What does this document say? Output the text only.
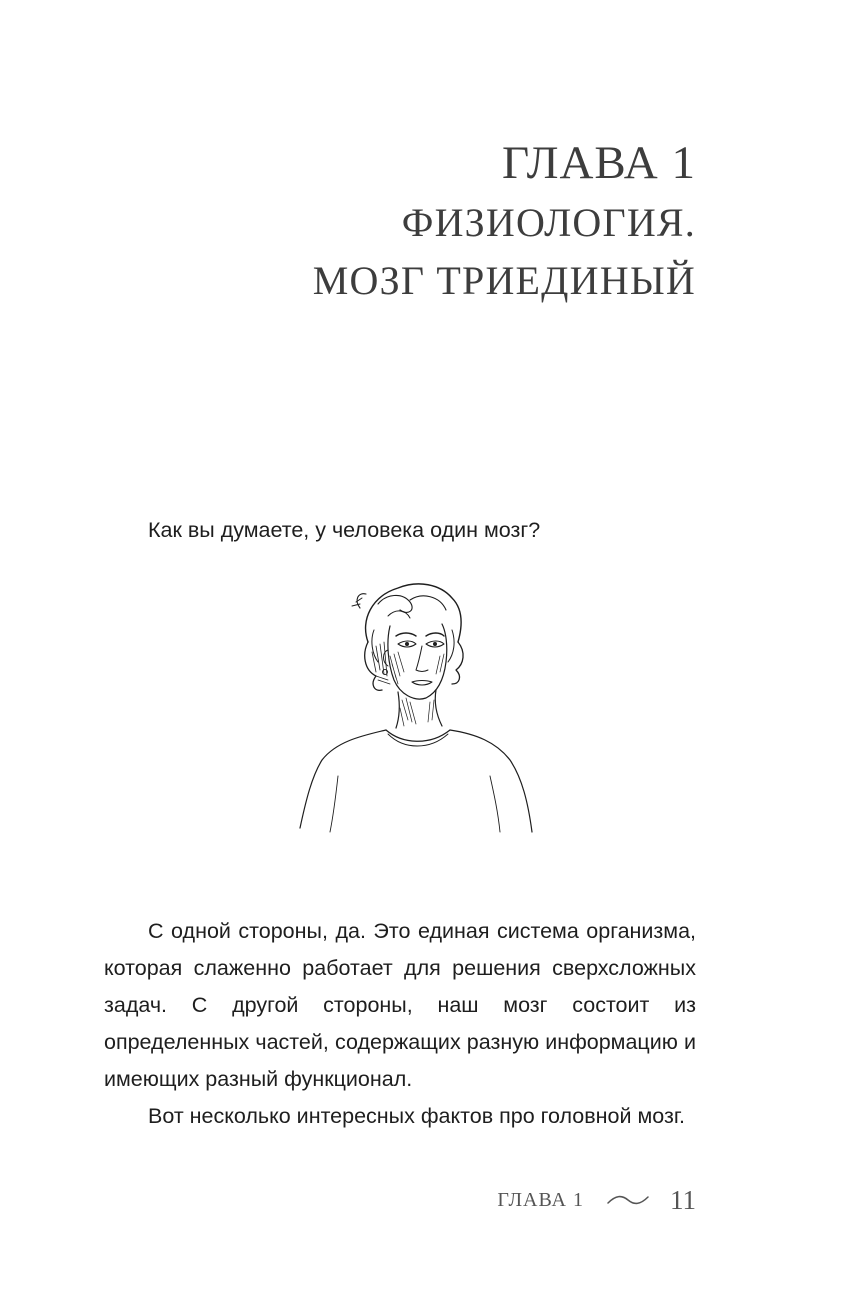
ГЛАВА 1
ФИЗИОЛОГИЯ.
МОЗГ ТРИЕДИНЫЙ
Как вы думаете, у человека один мозг?

С одной стороны, да. Это единая система организма, которая слаженно работает для решения сверхсложных задач. С другой стороны, наш мозг состоит из определенных частей, содержащих разную информацию и имеющих разный функционал.

Вот несколько интересных фактов про головной мозг.

ГЛАВА 1	11
